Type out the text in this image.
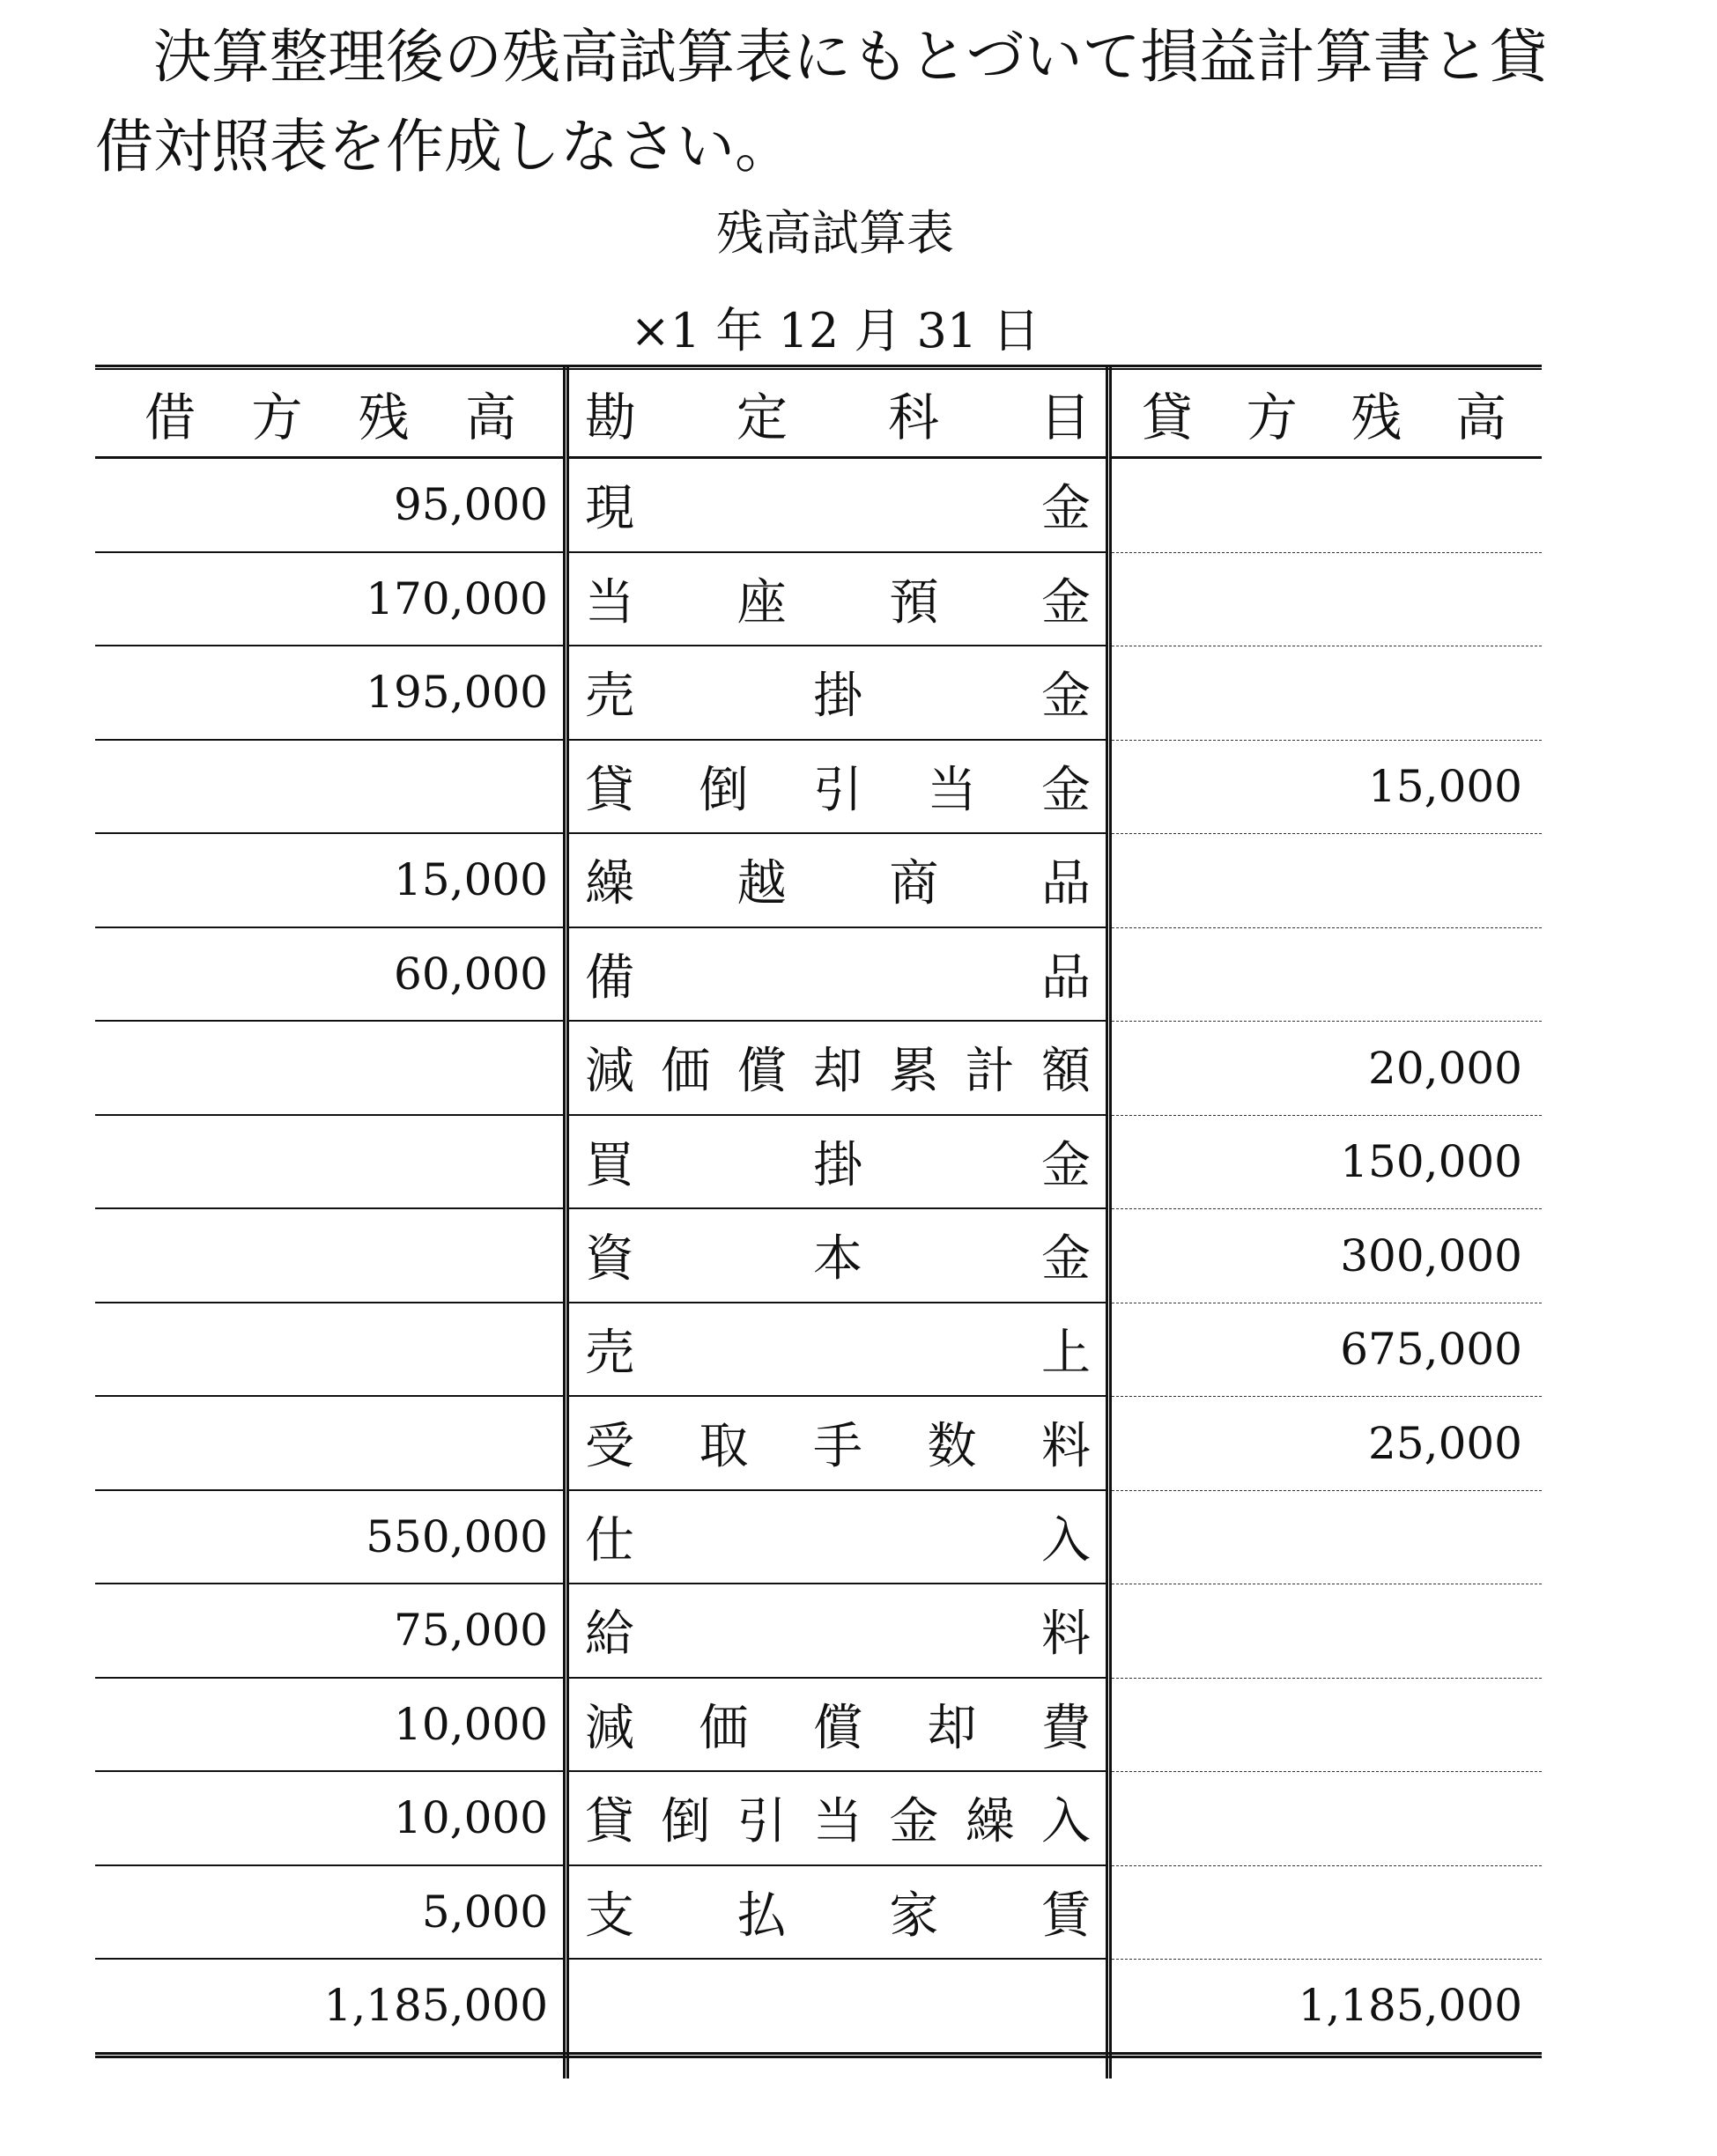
決算整理後の残高試算表にもとづいて損益計算書と貸
借対照表を作成しなさい。
残高試算表
×1 年 12 月 31 日
借方残高 勘定科目 貸方残高
95,000 現金
170,000 当座預金
195,000 売掛金
貸倒引当金	15,000
15,000 繰越商品
60,000 備品
減価償却累計額	20,000
買掛金	150,000
資本金	300,000
売上	675,000
受取手数料	25,000
550,000 仕入
75,000 給料
10,000 減価償却費
10,000 貸倒引当金繰入
5,000 支払家賃
1,185,000	1,185,000
